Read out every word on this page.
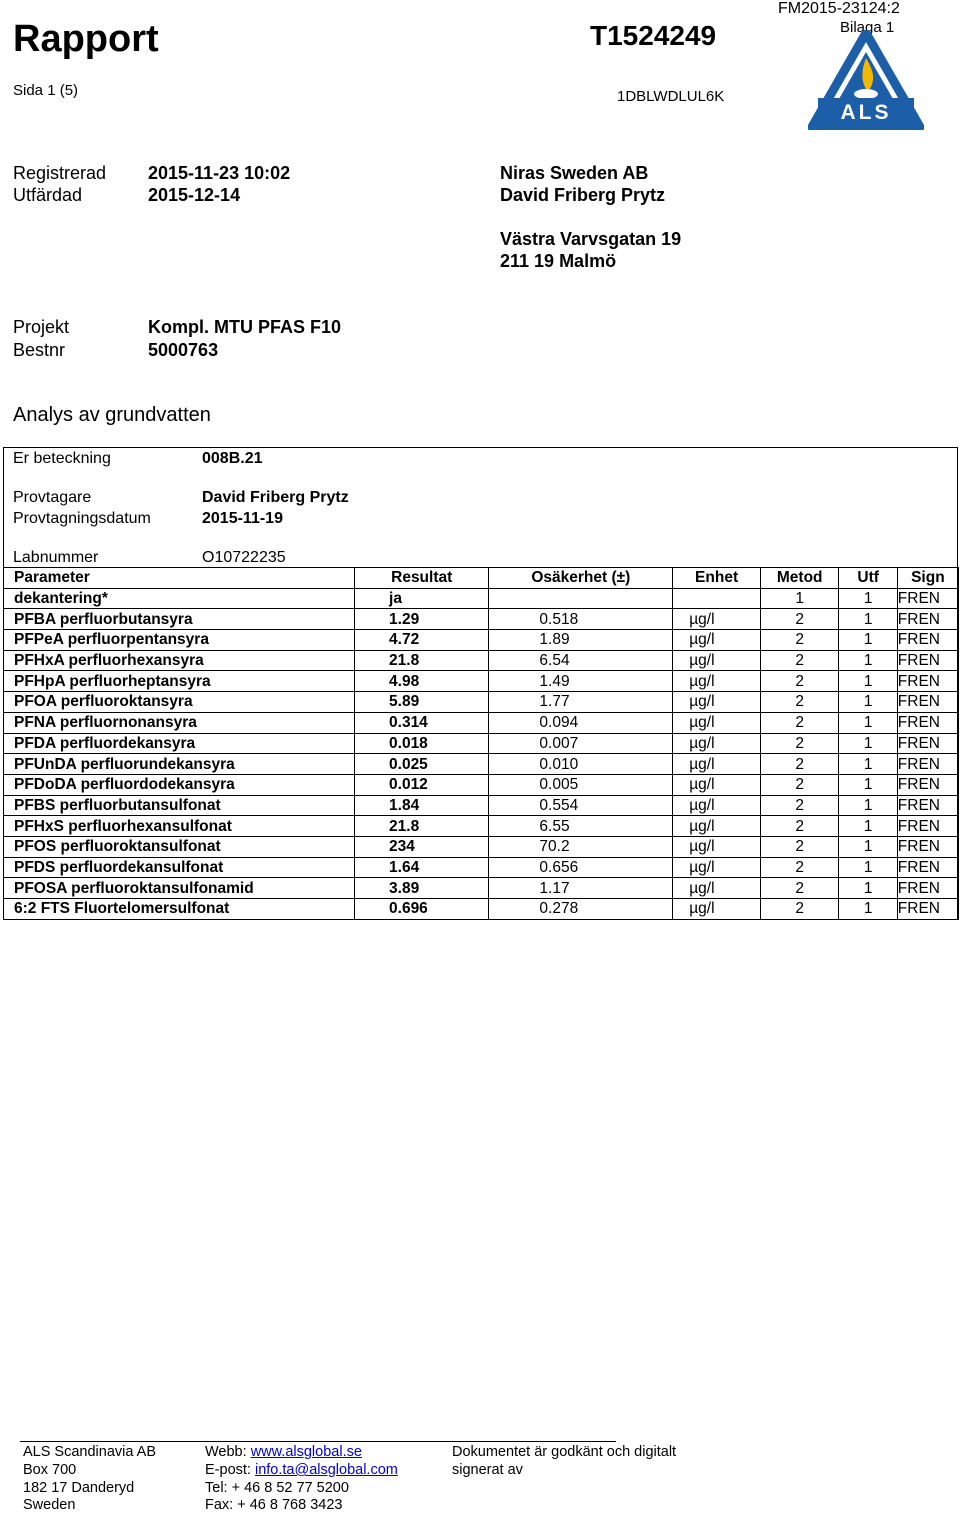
Rapport
Sida 1 (5)
T1524249
1DBLWDLUL6K
FM2015-23124:2
Bilaga 1
ALS
Registrerad 2015-11-23 10:02
Utfärdad	2015-12-14
Niras Sweden AB
David Friberg Prytz
Västra Varvsgatan 19
211 19 Malmö
Projekt	Kompl. MTU PFAS F10
Bestnr	5000763
Analys av grundvatten
Er beteckning	008B.21
Provtagare	David Friberg Prytz
Provtagningsdatum	2015-11-19
Labnummer	O10722235
Parameter	Resultat	Osäkerhet (±)	Enhet	Metod	Utf	Sign
dekantering*	ja			1	1	FREN
PFBA perfluorbutansyra	1.29	0.518	µg/l	2	1	FREN
PFPeA perfluorpentansyra	4.72	1.89	µg/l	2	1	FREN
PFHxA perfluorhexansyra	21.8	6.54	µg/l	2	1	FREN
PFHpA perfluorheptansyra	4.98	1.49	µg/l	2	1	FREN
PFOA perfluoroktansyra	5.89	1.77	µg/l	2	1	FREN
PFNA perfluornonansyra	0.314	0.094	µg/l	2	1	FREN
PFDA perfluordekansyra	0.018	0.007	µg/l	2	1	FREN
PFUnDA perfluorundekansyra	0.025	0.010	µg/l	2	1	FREN
PFDoDA perfluordodekansyra	0.012	0.005	µg/l	2	1	FREN
PFBS perfluorbutansulfonat	1.84	0.554	µg/l	2	1	FREN
PFHxS perfluorhexansulfonat	21.8	6.55	µg/l	2	1	FREN
PFOS perfluoroktansulfonat	234	70.2	µg/l	2	1	FREN
PFDS perfluordekansulfonat	1.64	0.656	µg/l	2	1	FREN
PFOSA perfluoroktansulfonamid	3.89	1.17	µg/l	2	1	FREN
6:2 FTS Fluortelomersulfonat	0.696	0.278	µg/l	2	1	FREN
ALS Scandinavia AB
Box 700
182 17 Danderyd
Sweden
Webb: www.alsglobal.se
E-post: info.ta@alsglobal.com
Tel: + 46 8 52 77 5200
Fax: + 46 8 768 3423
Dokumentet är godkänt och digitalt
signerat av
